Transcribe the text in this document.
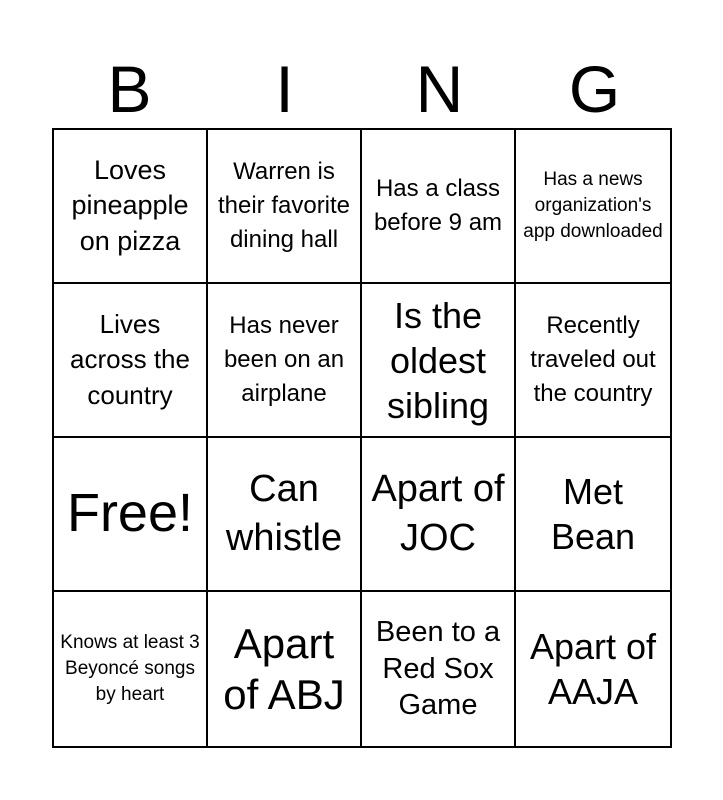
B	I	N	G
Loves pineapple on pizza
Warren is their favorite dining hall
Has a class before 9 am
Has a news organization's app downloaded
Lives across the country
Has never been on an airplane
Is the oldest sibling
Recently traveled out the country
Free!	Can whistle
Apart of JOC
Met Bean
Knows at least 3 Beyoncé songs by heart
Apart of ABJ
Been to a Red Sox Game
Apart of AAJA
